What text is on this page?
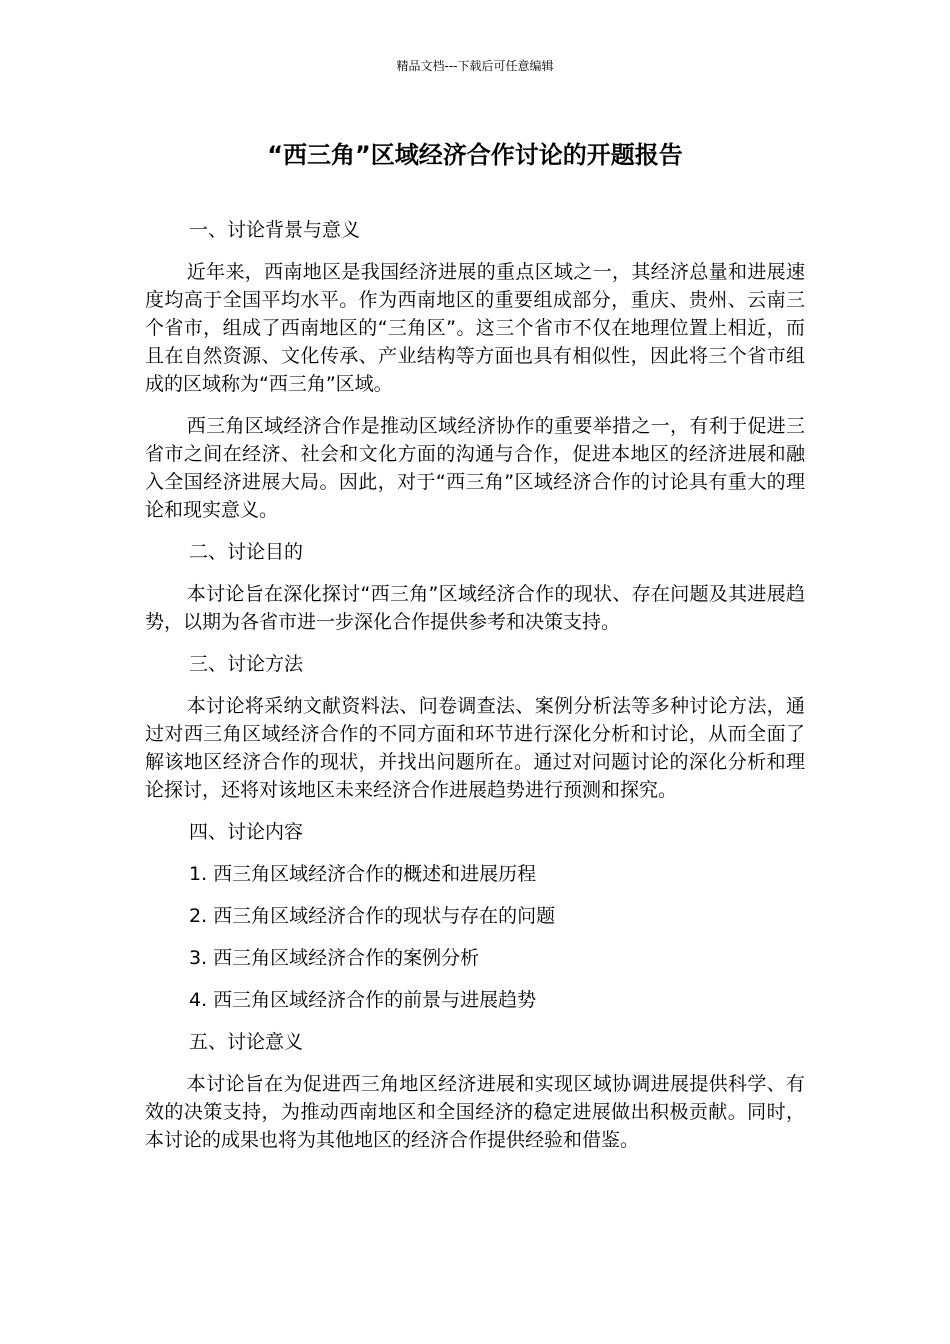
精品文档---下载后可任意编辑
“西三角”区域经济合作讨论的开题报告

一、讨论背景与意义

近年来，西南地区是我国经济进展的重点区域之一，其经济总量和进展速度均高于全国平均水平。作为西南地区的重要组成部分，重庆、贵州、云南三个省市，组成了西南地区的“三角区”。这三个省市不仅在地理位置上相近，而且在自然资源、文化传承、产业结构等方面也具有相似性，因此将三个省市组成的区域称为“西三角”区域。

西三角区域经济合作是推动区域经济协作的重要举措之一，有利于促进三省市之间在经济、社会和文化方面的沟通与合作，促进本地区的经济进展和融入全国经济进展大局。因此，对于“西三角”区域经济合作的讨论具有重大的理论和现实意义。

二、讨论目的

本讨论旨在深化探讨“西三角”区域经济合作的现状、存在问题及其进展趋势，以期为各省市进一步深化合作提供参考和决策支持。

三、讨论方法

本讨论将采纳文献资料法、问卷调查法、案例分析法等多种讨论方法，通过对西三角区域经济合作的不同方面和环节进行深化分析和讨论，从而全面了解该地区经济合作的现状，并找出问题所在。通过对问题讨论的深化分析和理论探讨，还将对该地区未来经济合作进展趋势进行预测和探究。

四、讨论内容

1. 西三角区域经济合作的概述和进展历程

2. 西三角区域经济合作的现状与存在的问题

3. 西三角区域经济合作的案例分析

4. 西三角区域经济合作的前景与进展趋势

五、讨论意义

本讨论旨在为促进西三角地区经济进展和实现区域协调进展提供科学、有效的决策支持，为推动西南地区和全国经济的稳定进展做出积极贡献。同时，本讨论的成果也将为其他地区的经济合作提供经验和借鉴。
